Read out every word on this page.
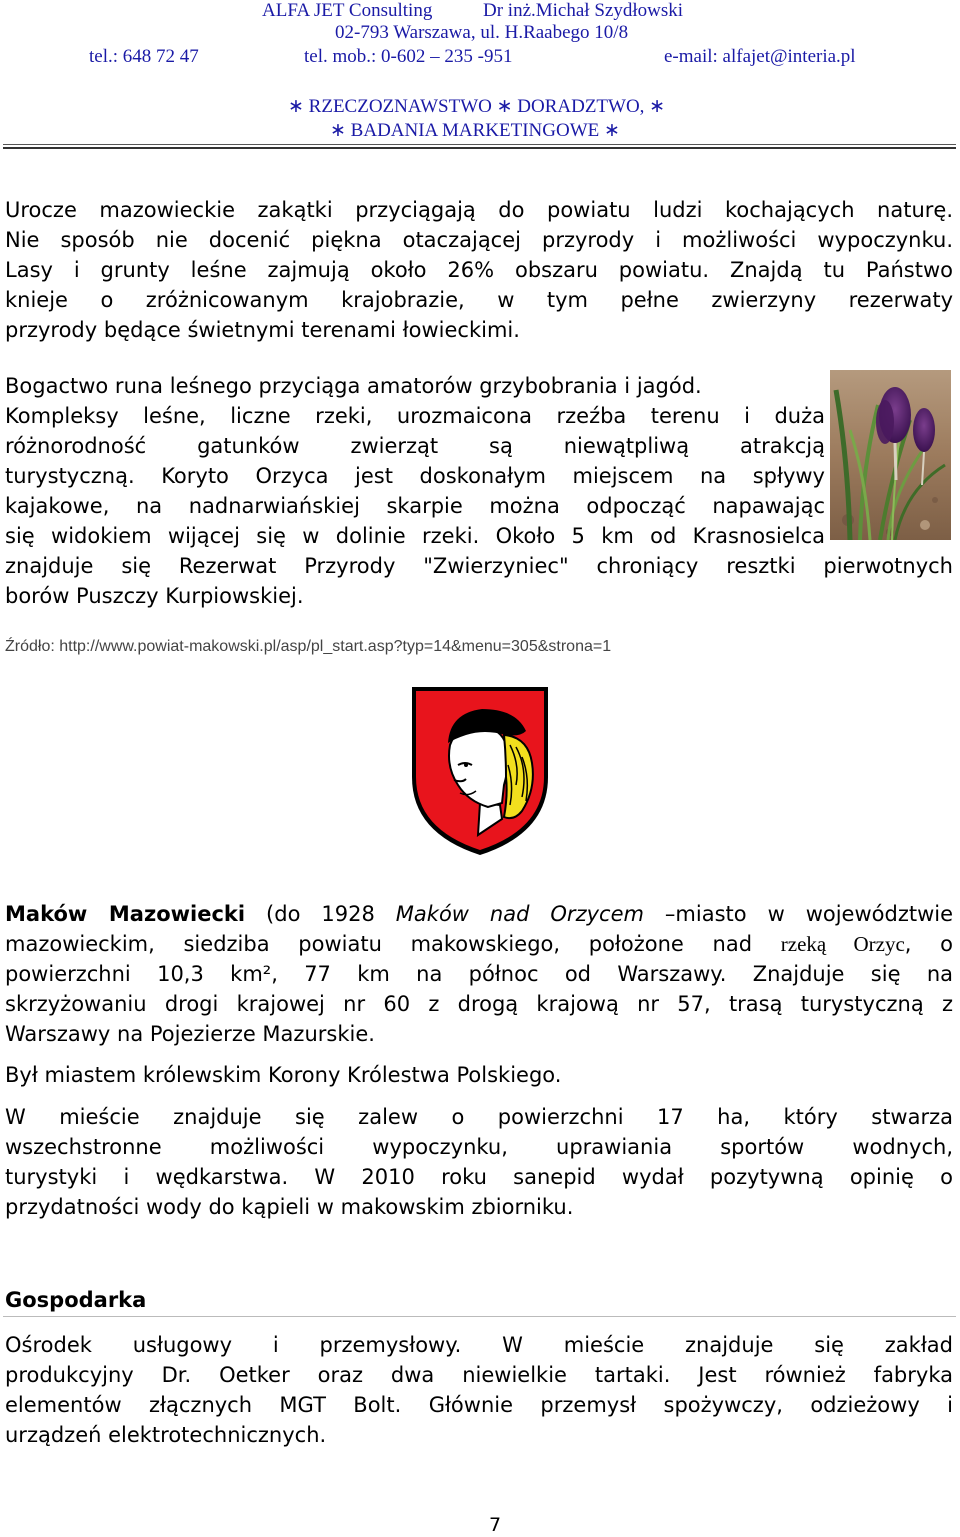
ALFA JET Consulting	Dr inż.Michał Szydłowski
02-793 Warszawa, ul. H.Raabego 10/8
tel.: 648 72 47	tel. mob.: 0-602 – 235 -951	e-mail: alfajet@interia.pl
∗ RZECZOZNAWSTWO ∗ DORADZTWO, ∗
∗ BADANIA MARKETINGOWE ∗
Urocze mazowieckie zakątki przyciągają do powiatu ludzi kochających naturę.
Nie sposób nie docenić piękna otaczającej przyrody i możliwości wypoczynku.
Lasy i grunty leśne zajmują około 26% obszaru powiatu. Znajdą tu Państwo
knieje o zróżnicowanym krajobrazie, w tym pełne zwierzyny rezerwaty
przyrody będące świetnymi terenami łowieckimi.
Bogactwo runa leśnego przyciąga amatorów grzybobrania i jagód.
Kompleksy leśne, liczne rzeki, urozmaicona rzeźba terenu i duża
różnorodność gatunków zwierząt są niewątpliwą atrakcją
turystyczną. Koryto Orzyca jest doskonałym miejscem na spływy
kajakowe, na nadnarwiańskiej skarpie można odpocząć napawając
się widokiem wijącej się w dolinie rzeki. Około 5 km od Krasnosielca
znajduje się Rezerwat Przyrody "Zwierzyniec" chroniący resztki pierwotnych
borów Puszczy Kurpiowskiej.
Źródło: http://www.powiat-makowski.pl/asp/pl_start.asp?typ=14&menu=305&strona=1
Maków Mazowiecki (do 1928 Maków nad Orzycem –miasto w województwie
mazowieckim, siedziba powiatu makowskiego, położone nad rzeką Orzyc, o
powierzchni 10,3 km², 77 km na północ od Warszawy. Znajduje się na
skrzyżowaniu drogi krajowej nr 60 z drogą krajową nr 57, trasą turystyczną z
Warszawy na Pojezierze Mazurskie.
Był miastem królewskim Korony Królestwa Polskiego.
W mieście znajduje się zalew o powierzchni 17 ha, który stwarza
wszechstronne możliwości wypoczynku, uprawiania sportów wodnych,
turystyki i wędkarstwa. W 2010 roku sanepid wydał pozytywną opinię o
przydatności wody do kąpieli w makowskim zbiorniku.
Gospodarka
Ośrodek usługowy i przemysłowy. W mieście znajduje się zakład
produkcyjny Dr. Oetker oraz dwa niewielkie tartaki. Jest również fabryka
elementów złącznych MGT Bolt. Głównie przemysł spożywczy, odzieżowy i
urządzeń elektrotechnicznych.
7
